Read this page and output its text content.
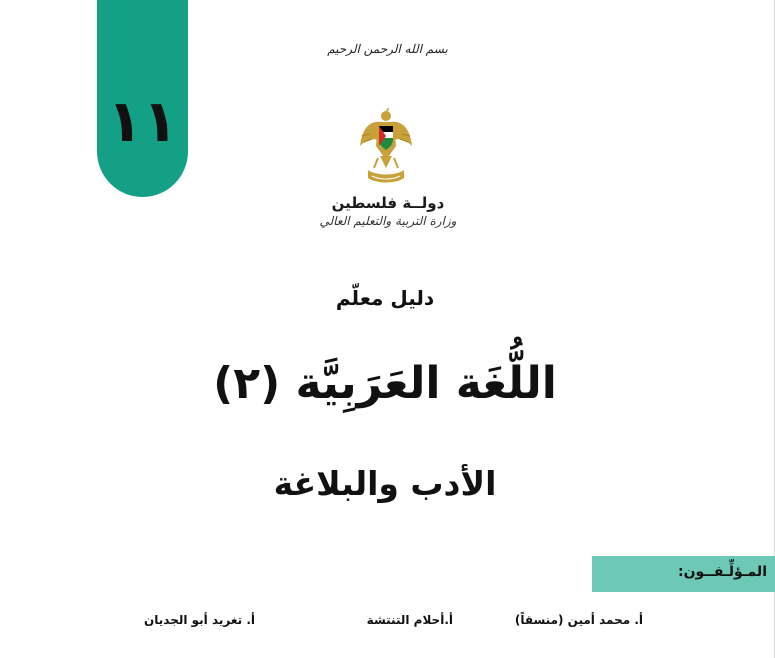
١١
بسم الله الرحمن الرحيم
دولــة فلسطين
وزارة التربية والتعليم العالي
دليل معلّم
اللُّغَة العَرَبِيَّة (٢)
الأدب والبلاغة
المـؤلِّـفــون:
أ. محمد أمين (منسقاً)
أ.أحلام التنتشة
أ. تغريد أبو الجديان
